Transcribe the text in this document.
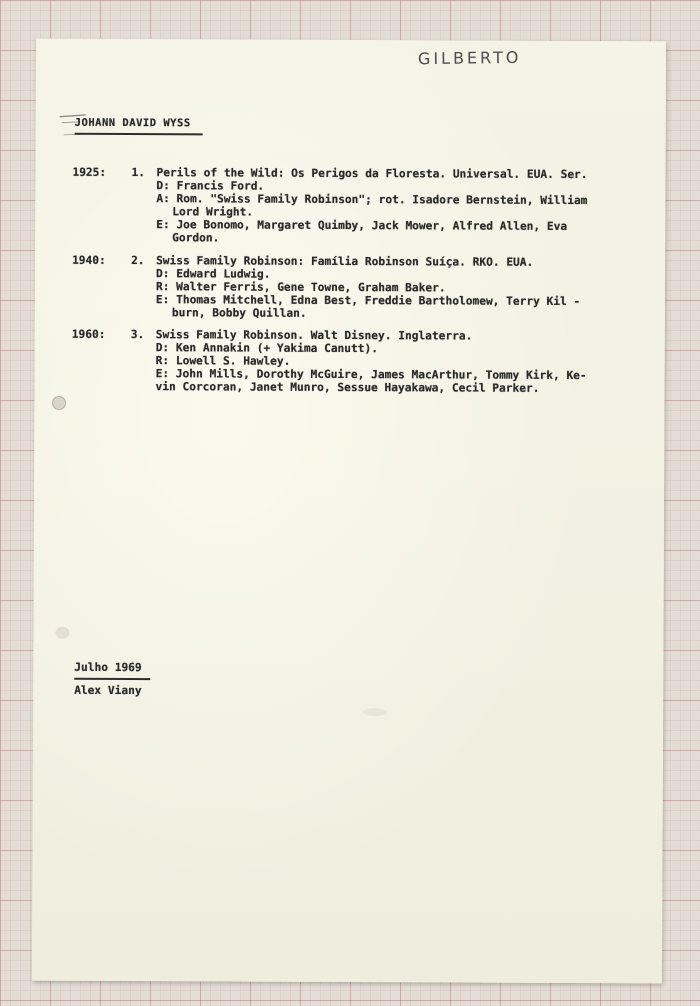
GILBERTO
JOHANN DAVID WYSS
1925:	1. Perils of the Wild: Os Perigos da Floresta. Universal. EUA. Ser.
D: Francis Ford.
A: Rom. "Swiss Family Robinson"; rot. Isadore Bernstein, William
Lord Wright.
E: Joe Bonomo, Margaret Quimby, Jack Mower, Alfred Allen, Eva
Gordon.
1940:	2. Swiss Family Robinson: Família Robinson Suíça. RKO. EUA.
D: Edward Ludwig.
R: Walter Ferris, Gene Towne, Graham Baker.
E: Thomas Mitchell, Edna Best, Freddie Bartholomew, Terry Kil -
burn, Bobby Quillan.
1960:	3. Swiss Family Robinson. Walt Disney. Inglaterra.
D: Ken Annakin (+ Yakima Canutt).
R: Lowell S. Hawley.
E: John Mills, Dorothy McGuire, James MacArthur, Tommy Kirk, Ke-
vin Corcoran, Janet Munro, Sessue Hayakawa, Cecil Parker.
Julho 1969
Alex Viany
